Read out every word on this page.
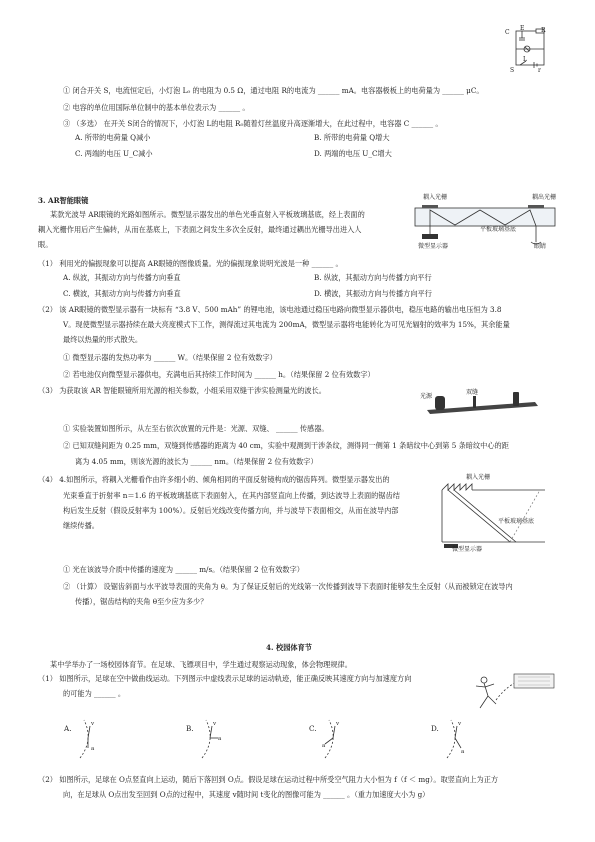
C	R
E
L
S	r
① 闭合开关 S，电流恒定后，小灯泡 L₀ 的电阻为 0.5 Ω，通过电阻 R的电流为 ______ mA。电容器极板上的电荷量为 ______ μC。
② 电容的单位用国际单位制中的基本单位表示为 ______ 。
③ （多选） 在开关 S闭合的情况下，小灯泡 L的电阻 R₀随着灯丝温度升高逐渐增大，在此过程中，电容器 C ______ 。
A. 所带的电荷量 Q减小	B. 所带的电荷量 Q增大
C. 两端的电压 U_C减小	D. 两端的电压 U_C增大
3. AR智能眼镜
某款光波导 AR眼镜的光路如图所示。微型显示器发出的单色光垂直射入平板玻璃基底，经上表面的
耦入光栅作用后产生偏转，从而在基底上，下表面之间发生多次全反射，最终通过耦出光栅导出进入人
眼。
耦入光栅	耦出光栅
平板玻璃基底
微型显示器	眼睛
（1） 利用光的偏振现象可以提高 AR眼镜的图像质量。光的偏振现象说明光波是一种 ______ 。
A. 纵波，其振动方向与传播方向垂直	B. 纵波，其振动方向与传播方向平行
C. 横波，其振动方向与传播方向垂直	D. 横波，其振动方向与传播方向平行
（2） 该 AR眼镜的微型显示器有一块标有 “3.8 V、500 mAh” 的锂电池，该电池通过稳压电路向微型显示器供电，稳压电路的输出电压恒为 3.8
V。现使微型显示器持续在最大亮度模式下工作，测得流过其电流为 200mA，微型显示器将电能转化为可见光辐射的效率为 15%，其余能量
最终以热量的形式散失。
① 微型显示器的发热功率为 ______ W。（结果保留 2 位有效数字）
② 若电池仅向微型显示器供电，充满电后其持续工作时间为 ______ h。（结果保留 2 位有效数字）
（3） 为获取该 AR 智能眼镜所用光源的相关参数，小组采用双缝干涉实验测量光的波长。
光源
双缝
① 实验装置如图所示，从左至右依次放置的元件是：光源、双缝、 ______ 传感器。
② 已知双缝间距为 0.25 mm，双缝到传感器的距离为 40 cm，实验中观测到干涉条纹，测得同一侧第 1 条暗纹中心到第 5 条暗纹中心的距
离为 4.05 mm，则该光源的波长为 ______ nm。（结果保留 2 位有效数字）
（4） 4.如图所示，将耦入光栅看作由许多细小的、倾角相同的平面反射镜构成的锯齿阵列。微型显示器发出的
光束垂直于折射率 n＝1.6 的平板玻璃基底下表面射入，在其内部竖直向上传播，到达波导上表面的锯齿结
构后发生反射（假设反射率为 100%）。反射后光线改变传播方向，并与波导下表面相交，从而在波导内部
继续传播。
耦入光栅
平板玻璃基底
微型显示器
① 光在该波导介质中传播的速度为 ______ m/s。（结果保留 2 位有效数字）
② （计算） 设锯齿斜面与水平波导表面的夹角为 θ。为了保证反射后的光线第一次传播到波导下表面时能够发生全反射（从而被锁定在波导内
传播），锯齿结构的夹角 θ至少应为多少？
4. 校园体育节
某中学举办了一场校园体育节。在足球、飞镖项目中，学生通过观察运动现象，体会物理规律。
（1） 如图所示，足球在空中做曲线运动。下列图示中虚线表示足球的运动轨迹，能正确反映其速度方向与加速度方向
的可能为 ______ 。
A.	B.	C.	D.
v	v	v	v
a
a
a
a
（2） 如图所示，足球在 O点竖直向上运动，随后下落回到 O点。假设足球在运动过程中所受空气阻力大小恒为 f（f ＜ mg）。取竖直向上为正方
向，在足球从 O点出发至回到 O点的过程中，其速度 v随时间 t变化的图像可能为 ______ 。（重力加速度大小为 g）
